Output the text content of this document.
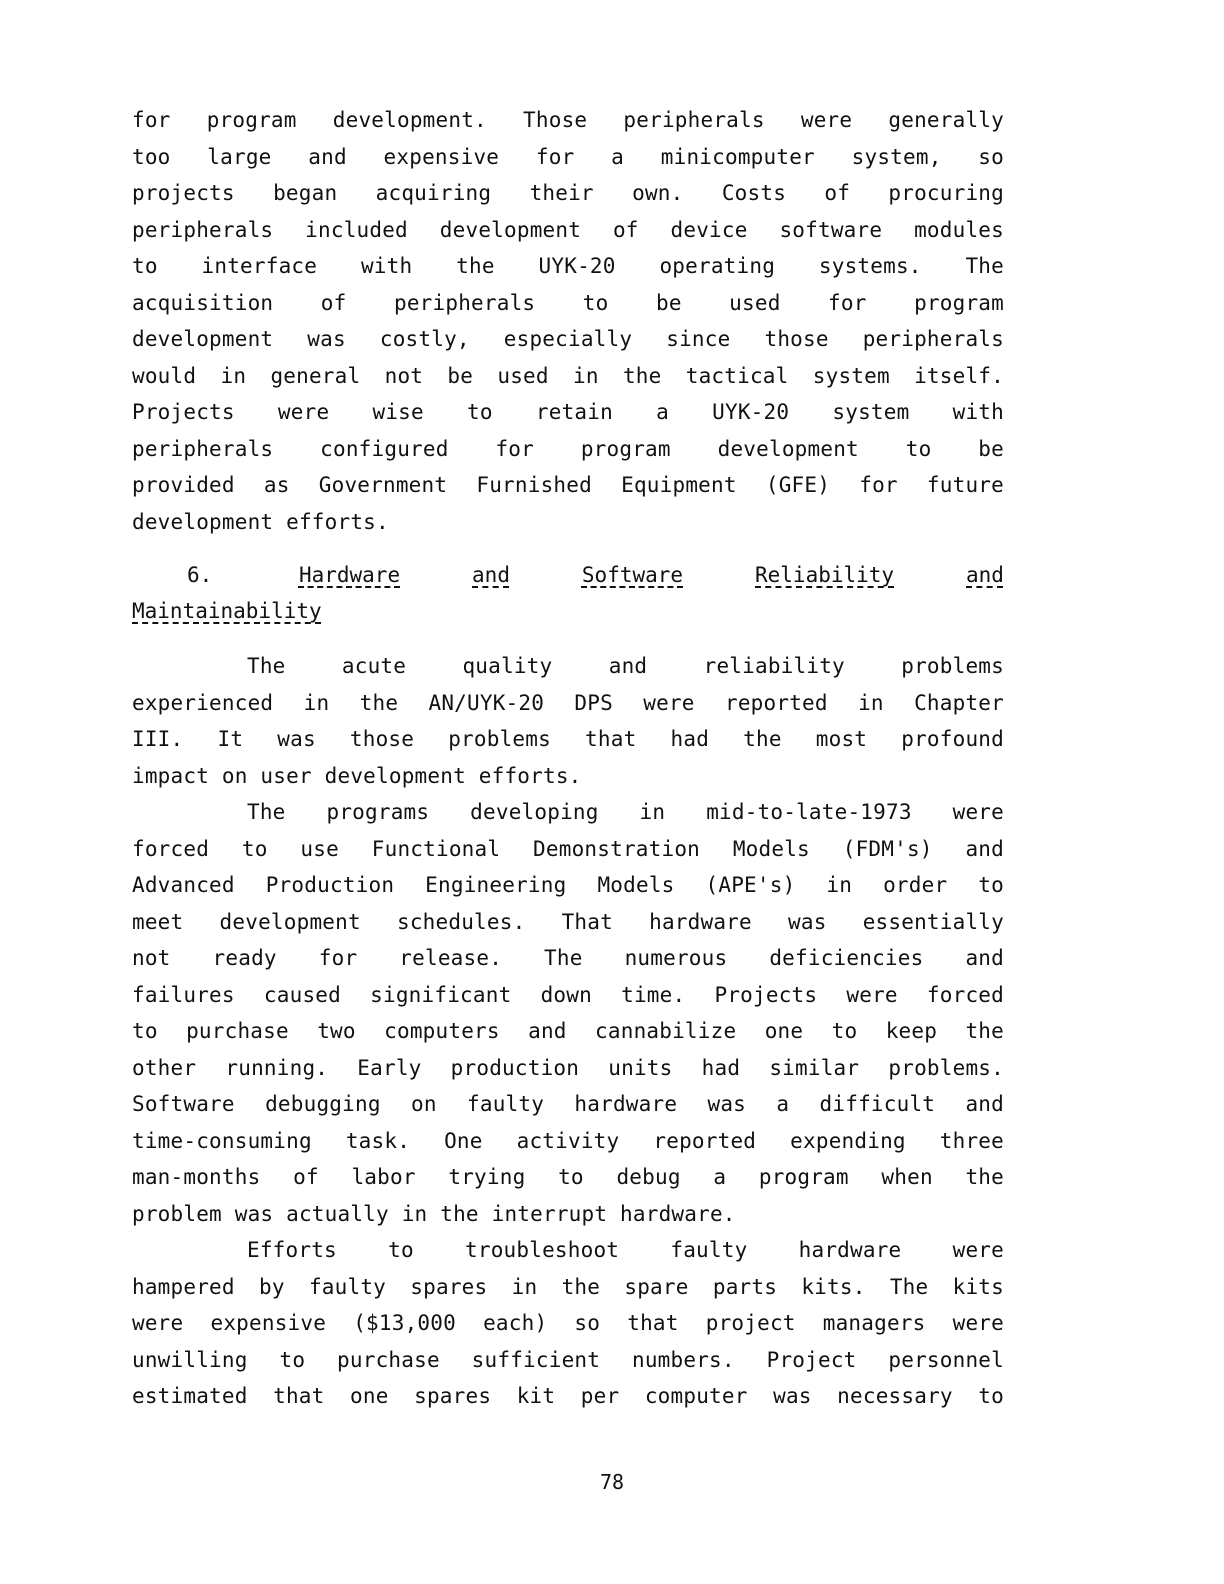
for program development. Those peripherals were generally
too large and expensive for a minicomputer system, so
projects began acquiring their own. Costs of procuring
peripherals included development of device software modules
to interface with the UYK-20 operating systems. The
acquisition of peripherals to be used for program
development was costly, especially since those peripherals
would in general not be used in the tactical system itself.
Projects were wise to retain a UYK-20 system with
peripherals configured for program development to be
provided as Government Furnished Equipment (GFE) for future
development efforts.
6.	Hardware	and	Software	Reliability	and
Maintainability
The acute quality and reliability problems
experienced in the AN/UYK-20 DPS were reported in Chapter
III. It was those problems that had the most profound
impact on user development efforts.
The programs developing in mid-to-late-1973 were
forced to use Functional Demonstration Models (FDM's) and
Advanced Production Engineering Models (APE's) in order to
meet development schedules. That hardware was essentially
not ready for release. The numerous deficiencies and
failures caused significant down time. Projects were forced
to purchase two computers and cannabilize one to keep the
other running. Early production units had similar problems.
Software debugging on faulty hardware was a difficult and
time-consuming task. One activity reported expending three
man-months of labor trying to debug a program when the
problem was actually in the interrupt hardware.
Efforts to troubleshoot faulty hardware were
hampered by faulty spares in the spare parts kits. The kits
were expensive ($13,000 each) so that project managers were
unwilling to purchase sufficient numbers. Project personnel
estimated that one spares kit per computer was necessary to
78
